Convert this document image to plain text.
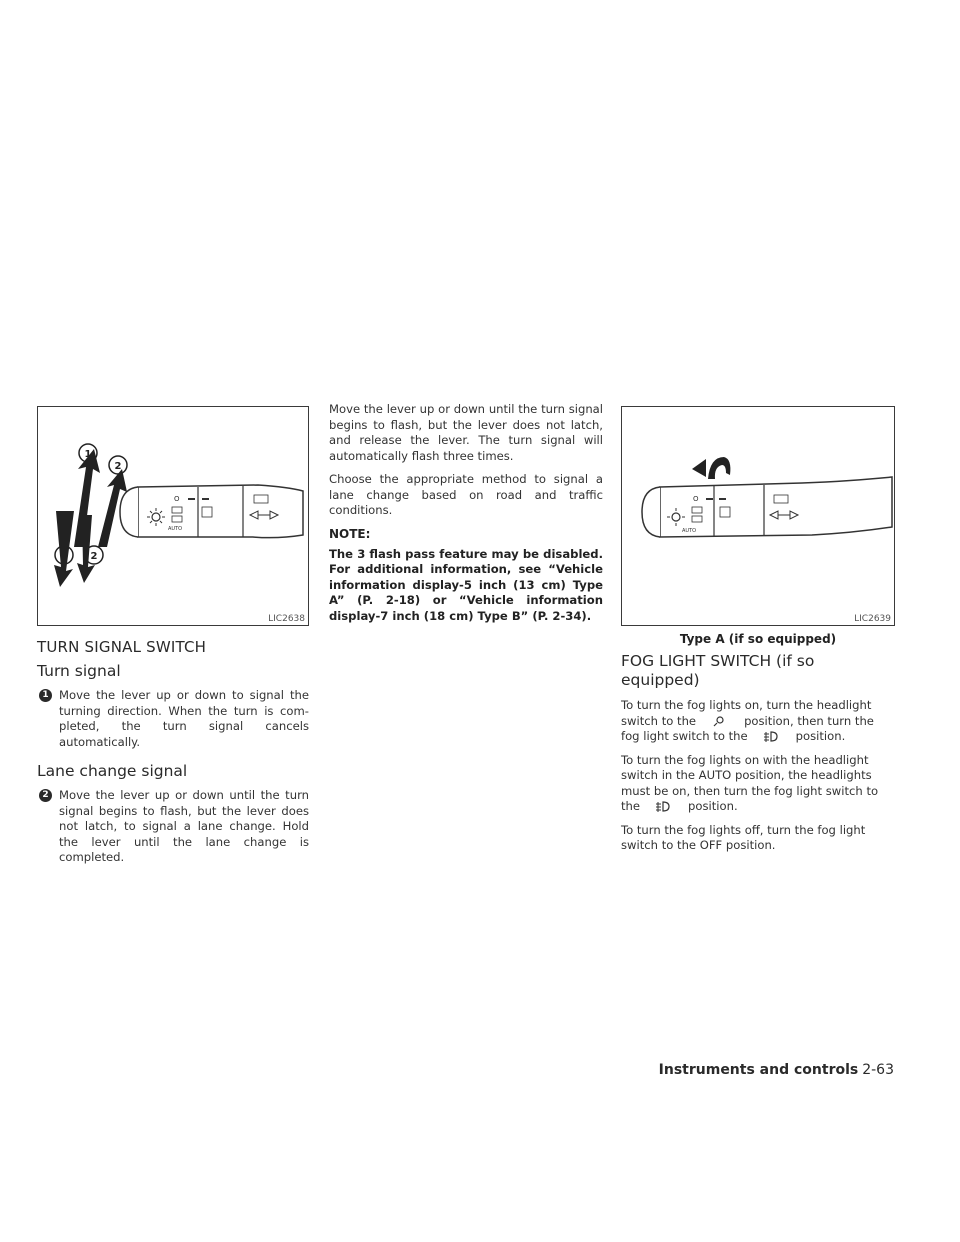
AUTO
O
1
2
1 2
LIC2638
TURN SIGNAL SWITCH
Turn signal
1 Move the lever up or down to signal the turning direction. When the turn is com-pleted, the turn signal cancels automatically.
Lane change signal
2 Move the lever up or down until the turn signal begins to flash, but the lever does not latch, to signal a lane change. Hold the lever until the lane change is completed.

Move the lever up or down until the turn signal begins to flash, but the lever does not latch, and release the lever. The turn signal will automatically flash three times.

Choose the appropriate method to signal a lane change based on road and traffic conditions.

NOTE:

The 3 flash pass feature may be disabled. For additional information, see “Vehicle information display-5 inch (13 cm) Type A” (P. 2-18) or “Vehicle information display-7 inch (18 cm) Type B” (P. 2-34).

AUTO
O
LIC2639
Type A (if so equipped)
FOG LIGHT SWITCH (if so equipped)

To turn the fog lights on, turn the headlight switch to the	position, then turn the fog light switch to the	position.

To turn the fog lights on with the headlight switch in the AUTO position, the headlights must be on, then turn the fog light switch to the	position.

To turn the fog lights off, turn the fog light switch to the OFF position.

Instruments and controls 2-63
